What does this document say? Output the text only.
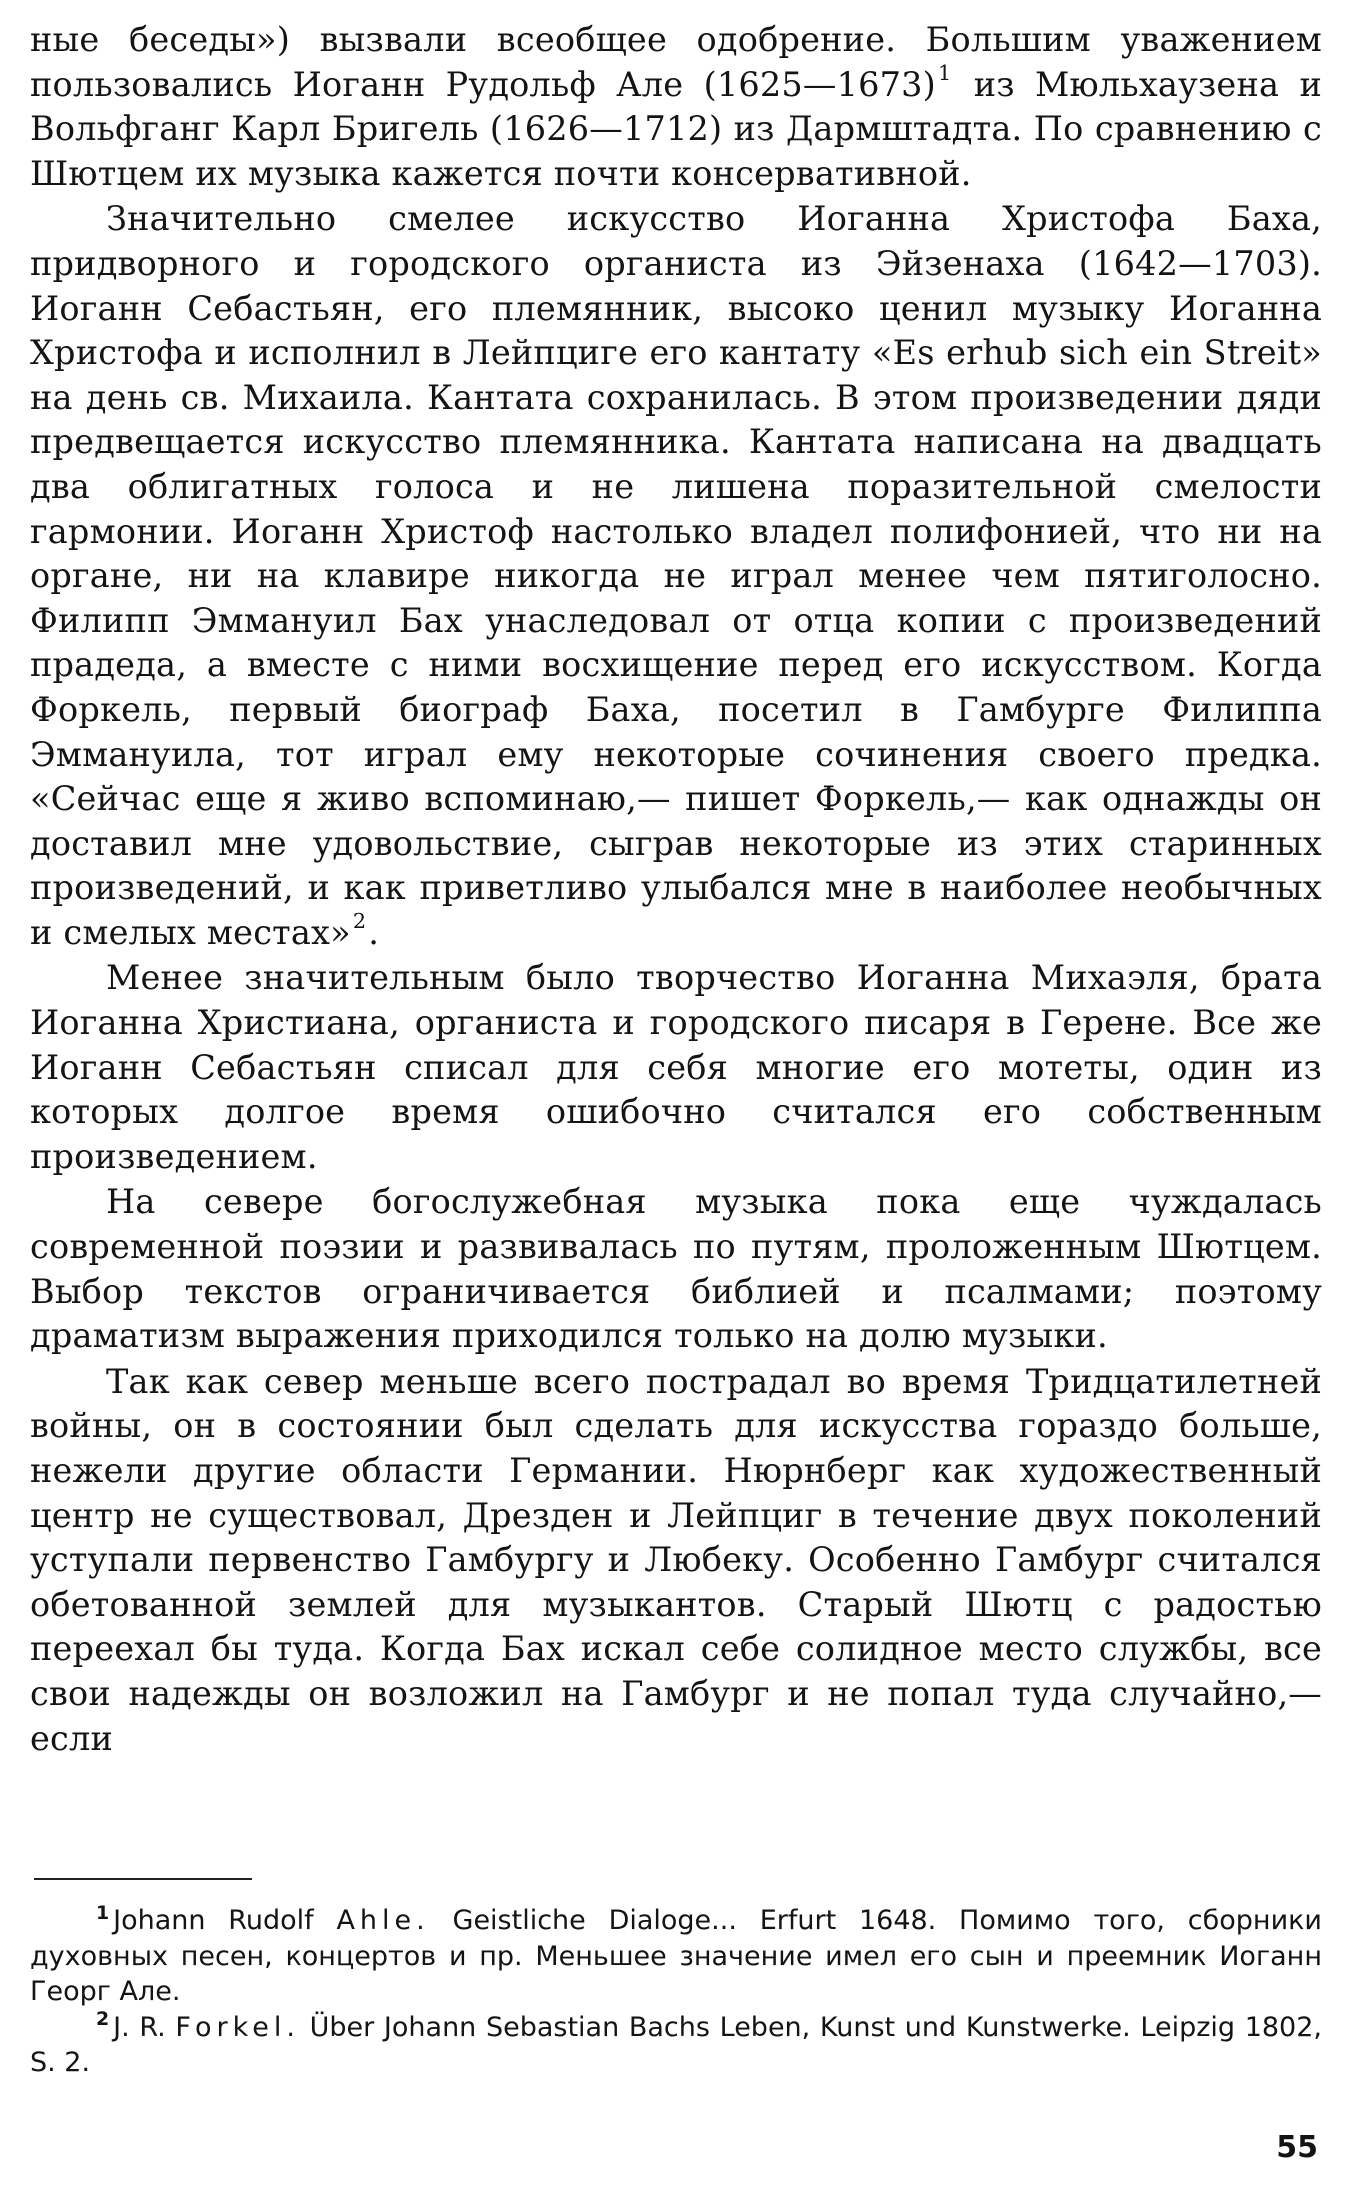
ные беседы») вызвали всеобщее одобрение. Большим уважением пользовались Иоганн Рудольф Але (1625—1673)$^1$ из Мюльхаузена и Вольфганг Карл Бригель (1626—1712) из Дармштадта. По сравнению с Шютцем их музыка кажется почти консервативной.

Значительно смелее искусство Иоганна Христофа Баха, придворного и городского органиста из Эйзенаха (1642—1703). Иоганн Себастьян, его племянник, высоко ценил музыку Иоганна Христофа и исполнил в Лейпциге его кантату «Es erhub sich ein Streit» на день св. Михаила. Кантата сохранилась. В этом произведении дяди предвещается искусство племянника. Кантата написана на двадцать два облигатных голоса и не лишена поразительной смелости гармонии. Иоганн Христоф настолько владел полифонией, что ни на органе, ни на клавире никогда не играл менее чем пятиголосно. Филипп Эммануил Бах унаследовал от отца копии с произведений прадеда, а вместе с ними восхищение перед его искусством. Когда Форкель, первый биограф Баха, посетил в Гамбурге Филиппа Эммануила, тот играл ему некоторые сочинения своего предка. «Сейчас еще я живо вспоминаю,— пишет Форкель,— как однажды он доставил мне удовольствие, сыграв некоторые из этих старинных произведений, и как приветливо улыбался мне в наиболее необычных и смелых местах»$^2$.

Менее значительным было творчество Иоганна Михаэля, брата Иоганна Христиана, органиста и городского писаря в Герене. Все же Иоганн Себастьян списал для себя многие его мотеты, один из которых долгое время ошибочно считался его собственным произведением.

На севере богослужебная музыка пока еще чуждалась современной поэзии и развивалась по путям, проложенным Шютцем. Выбор текстов ограничивается библией и псалмами; поэтому драматизм выражения приходился только на долю музыки.

Так как север меньше всего пострадал во время Тридцатилетней войны, он в состоянии был сделать для искусства гораздо больше, нежели другие области Германии. Нюрнберг как художественный центр не существовал, Дрезден и Лейпциг в течение двух поколений уступали первенство Гамбургу и Любеку. Особенно Гамбург считался обетованной землей для музыкантов. Старый Шютц с радостью переехал бы туда. Когда Бах искал себе солидное место службы, все свои надежды он возложил на Гамбург и не попал туда случайно,— если

$^1$ Johann Rudolf Ahle. Geistliche Dialoge... Erfurt 1648. Помимо того, сборники духовных песен, концертов и пр. Меньшее значение имел его сын и преемник Иоганн Георг Але.

$^2$ J. R. Forkel. Über Johann Sebastian Bachs Leben, Kunst und Kunstwerke. Leipzig 1802, S. 2.

55
